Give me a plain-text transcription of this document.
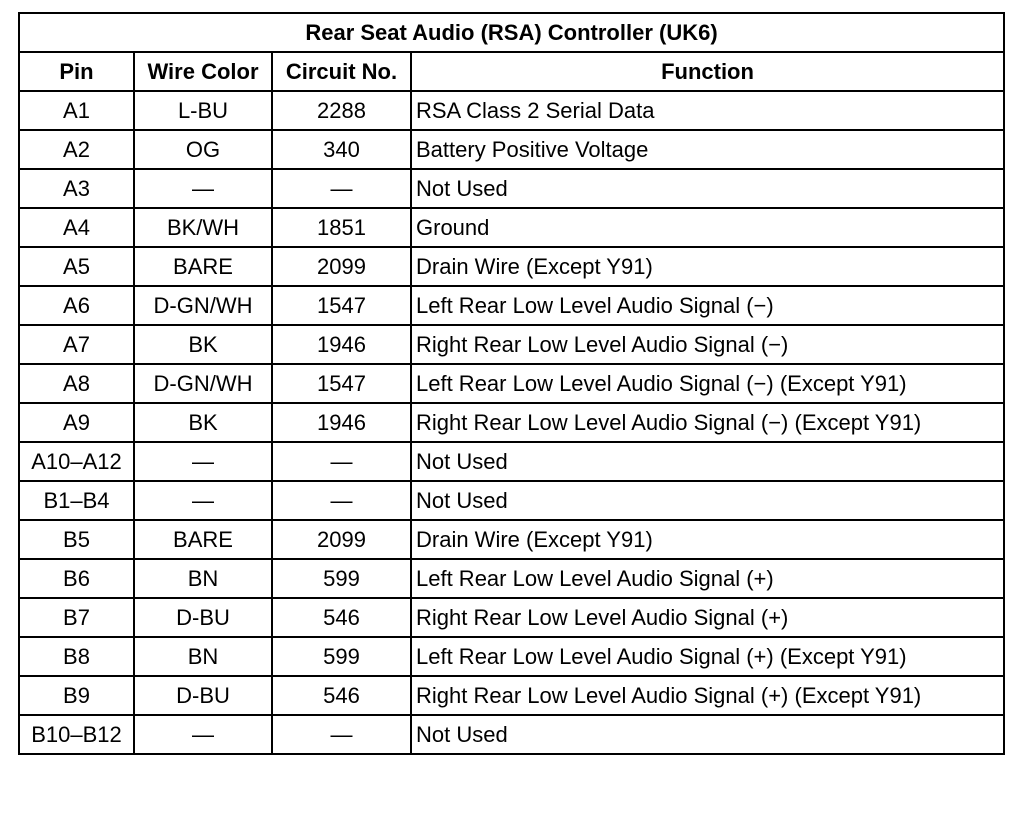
Rear Seat Audio (RSA) Controller (UK6)			
Pin	Wire Color	Circuit No.	Function
A1	L-BU	2288	RSA Class 2 Serial Data
A2	OG	340	Battery Positive Voltage
A3	—	—	Not Used
A4	BK/WH	1851	Ground
A5	BARE	2099	Drain Wire (Except Y91)
A6	D-GN/WH	1547	Left Rear Low Level Audio Signal (−)
A7	BK	1946	Right Rear Low Level Audio Signal (−)
A8	D-GN/WH	1547	Left Rear Low Level Audio Signal (−) (Except Y91)
A9	BK	1946	Right Rear Low Level Audio Signal (−) (Except Y91)
A10–A12	—	—	Not Used
B1–B4	—	—	Not Used
B5	BARE	2099	Drain Wire (Except Y91)
B6	BN	599	Left Rear Low Level Audio Signal (+)
B7	D-BU	546	Right Rear Low Level Audio Signal (+)
B8	BN	599	Left Rear Low Level Audio Signal (+) (Except Y91)
B9	D-BU	546	Right Rear Low Level Audio Signal (+) (Except Y91)
B10–B12	—	—	Not Used
